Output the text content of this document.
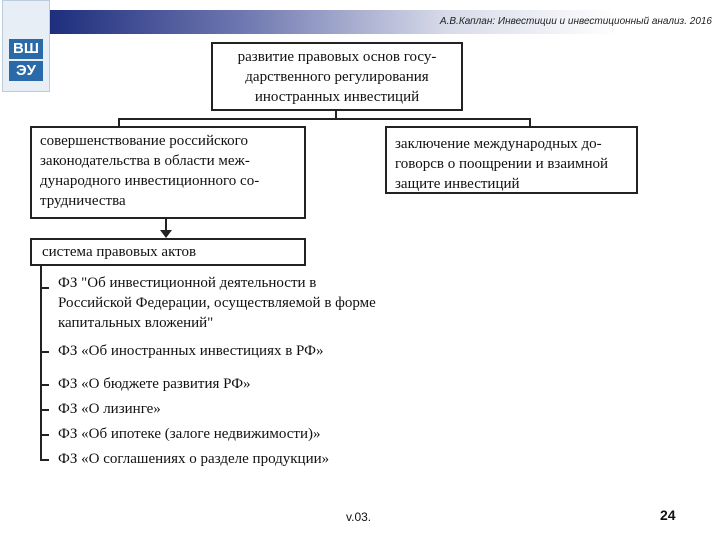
А.В.Каплан: Инвестиции и инвестиционный анализ. 2016
ВШ
ЭУ
развитие правовых основ госу-дарственного регулирования иностранных инвестиций
совершенствование российского законодательства в области меж-дународного инвестиционного со-трудничества
заключение международных до-говорсв о поощрении и взаимной защите инвестиций
система правовых актов
ФЗ "Об инвестиционной деятельности в Российской Федерации, осуществляемой в форме капитальных вложений"
ФЗ «Об иностранных инвестициях в РФ»
ФЗ «О бюджете развития РФ»
ФЗ «О лизинге»
ФЗ «Об ипотеке (залоге недвижимости)»
ФЗ «О соглашениях о разделе продукции»
v.03.	24
